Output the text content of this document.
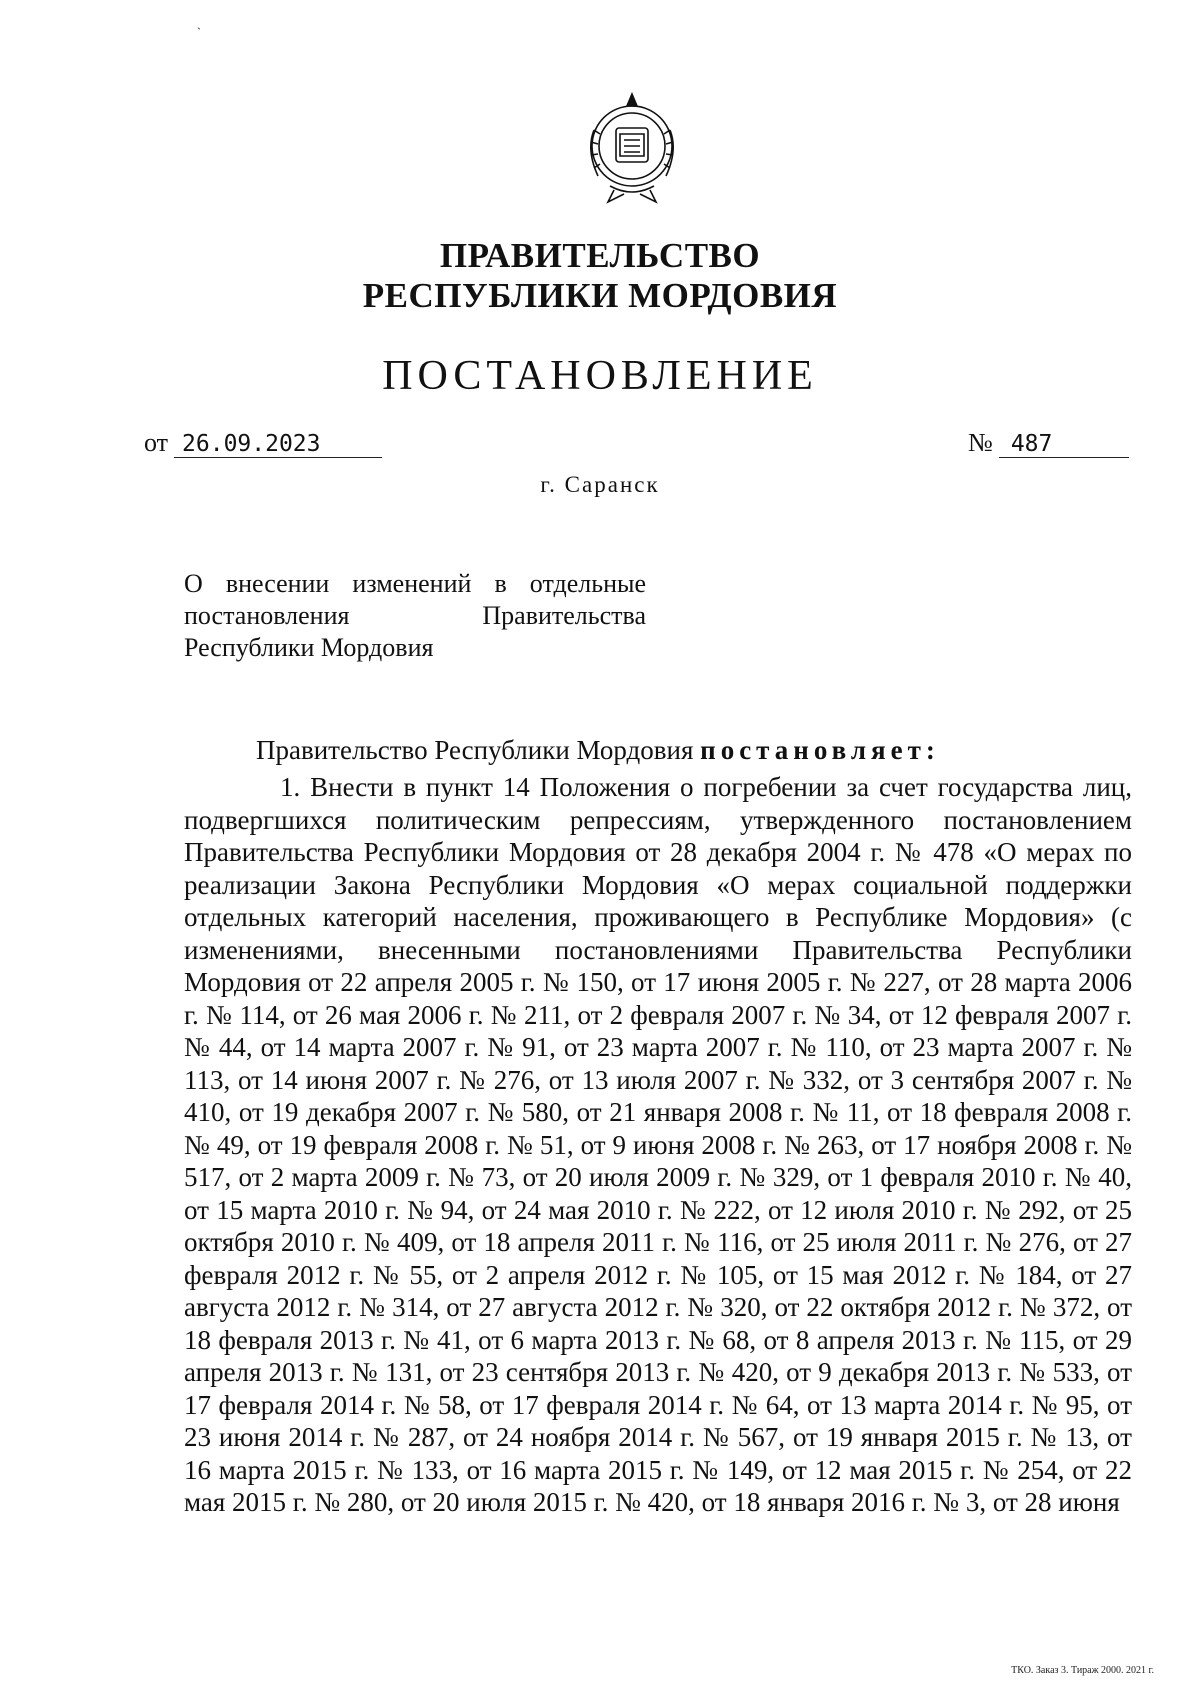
ˎ
ПРАВИТЕЛЬСТВО
РЕСПУБЛИКИ МОРДОВИЯ
ПОСТАНОВЛЕНИЕ
от 26.09.2023	№ 487
г. Саранск
О внесении изменений в отдельные
постановления Правительства
Республики Мордовия
Правительство Республики Мордовия постановляет:

1. Внести в пункт 14 Положения о погребении за счет государства лиц, подвергшихся политическим репрессиям, утвержденного постановлением Правительства Республики Мордовия от 28 декабря 2004 г. № 478 «О мерах по реализации Закона Республики Мордовия «О мерах социальной поддержки отдельных категорий населения, проживающего в Республике Мордовия» (с изменениями, внесенными постановлениями Правительства Республики Мордовия от 22 апреля 2005 г. № 150, от 17 июня 2005 г. № 227, от 28 марта 2006 г. № 114, от 26 мая 2006 г. № 211, от 2 февраля 2007 г. № 34, от 12 февраля 2007 г. № 44, от 14 марта 2007 г. № 91, от 23 марта 2007 г. № 110, от 23 марта 2007 г. № 113, от 14 июня 2007 г. № 276, от 13 июля 2007 г. № 332, от 3 сентября 2007 г. № 410, от 19 декабря 2007 г. № 580, от 21 января 2008 г. № 11, от 18 февраля 2008 г. № 49, от 19 февраля 2008 г. № 51, от 9 июня 2008 г. № 263, от 17 ноября 2008 г. № 517, от 2 марта 2009 г. № 73, от 20 июля 2009 г. № 329, от 1 февраля 2010 г. № 40, от 15 марта 2010 г. № 94, от 24 мая 2010 г. № 222, от 12 июля 2010 г. № 292, от 25 октября 2010 г. № 409, от 18 апреля 2011 г. № 116, от 25 июля 2011 г. № 276, от 27 февраля 2012 г. № 55, от 2 апреля 2012 г. № 105, от 15 мая 2012 г. № 184, от 27 августа 2012 г. № 314, от 27 августа 2012 г. № 320, от 22 октября 2012 г. № 372, от 18 февраля 2013 г. № 41, от 6 марта 2013 г. № 68, от 8 апреля 2013 г. № 115, от 29 апреля 2013 г. № 131, от 23 сентября 2013 г. № 420, от 9 декабря 2013 г. № 533, от 17 февраля 2014 г. № 58, от 17 февраля 2014 г. № 64, от 13 марта 2014 г. № 95, от 23 июня 2014 г. № 287, от 24 ноября 2014 г. № 567, от 19 января 2015 г. № 13, от 16 марта 2015 г. № 133, от 16 марта 2015 г. № 149, от 12 мая 2015 г. № 254, от 22 мая 2015 г. № 280, от 20 июля 2015 г. № 420, от 18 января 2016 г. № 3, от 28 июня

ТКО. Заказ 3. Тираж 2000. 2021 г.
